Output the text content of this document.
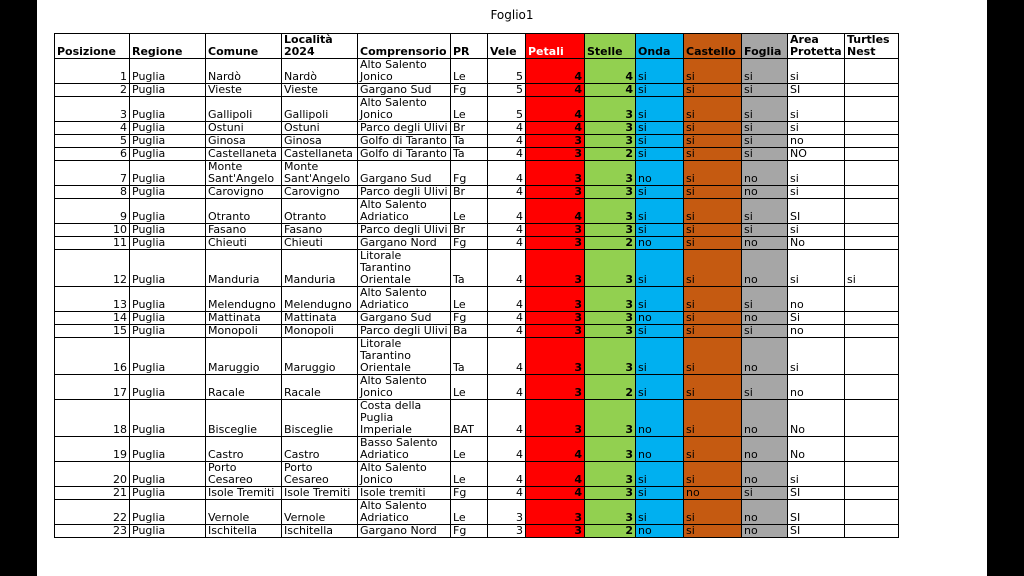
Foglio1
Posizione	Regione	Comune	Località 2024	Comprensorio	PR	Vele	Petali	Stelle	Onda	Castello	Foglia	Area Protetta	Turtles Nest
1	Puglia	Nardò	Nardò	Alto Salento Jonico	Le	5	4	4	si	si	si	si	
2	Puglia	Vieste	Vieste	Gargano Sud	Fg	5	4	4	si	si	si	SI	
3	Puglia	Gallipoli	Gallipoli	Alto Salento Jonico	Le	5	4	3	si	si	si	si	
4	Puglia	Ostuni	Ostuni	Parco degli Ulivi	Br	4	4	3	si	si	si	si	
5	Puglia	Ginosa	Ginosa	Golfo di Taranto	Ta	4	3	3	si	si	si	no	
6	Puglia	Castellaneta	Castellaneta	Golfo di Taranto	Ta	4	3	2	si	si	si	NO	
7	Puglia	Monte Sant'Angelo	Monte Sant'Angelo	Gargano Sud	Fg	4	3	3	no	si	no	si	
8	Puglia	Carovigno	Carovigno	Parco degli Ulivi	Br	4	3	3	si	si	no	si	
9	Puglia	Otranto	Otranto	Alto Salento Adriatico	Le	4	4	3	si	si	si	SI	
10	Puglia	Fasano	Fasano	Parco degli Ulivi	Br	4	3	3	si	si	si	si	
11	Puglia	Chieuti	Chieuti	Gargano Nord	Fg	4	3	2	no	si	no	No	
12	Puglia	Manduria	Manduria	Litorale Tarantino Orientale	Ta	4	3	3	si	si	no	si	si
13	Puglia	Melendugno	Melendugno	Alto Salento Adriatico	Le	4	3	3	si	si	si	no	
14	Puglia	Mattinata	Mattinata	Gargano Sud	Fg	4	3	3	no	si	no	Si	
15	Puglia	Monopoli	Monopoli	Parco degli Ulivi	Ba	4	3	3	si	si	si	no	
16	Puglia	Maruggio	Maruggio	Litorale Tarantino Orientale	Ta	4	3	3	si	si	no	si	
17	Puglia	Racale	Racale	Alto Salento Jonico	Le	4	3	2	si	si	si	no	
18	Puglia	Bisceglie	Bisceglie	Costa della Puglia Imperiale	BAT	4	3	3	no	si	no	No	
19	Puglia	Castro	Castro	Basso Salento Adriatico	Le	4	4	3	no	si	no	No	
20	Puglia	Porto Cesareo	Porto Cesareo	Alto Salento Jonico	Le	4	4	3	si	si	no	si	
21	Puglia	Isole Tremiti	Isole Tremiti	Isole tremiti	Fg	4	4	3	si	no	si	SI	
22	Puglia	Vernole	Vernole	Alto Salento Adriatico	Le	3	3	3	si	si	no	SI	
23	Puglia	Ischitella	Ischitella	Gargano Nord	Fg	3	3	2	no	si	no	SI	
